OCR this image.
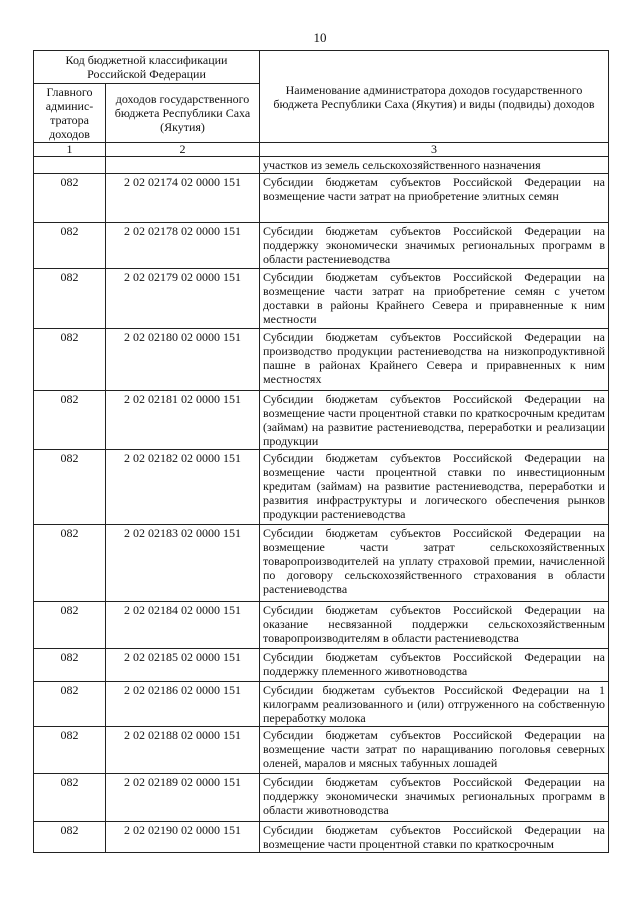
10
Код бюджетной классификации Российской Федерации		Наименование администратора доходов государственного бюджета Республики Саха (Якутия) и виды (подвиды) доходов
Главного админис-тратора доходов	доходов государственного бюджета Республики Саха (Якутия)	
1	2	3
		участков из земель сельскохозяйственного назначения
082	2 02 02174 02 0000 151	Субсидии бюджетам субъектов Российской Федерации на возмещение части затрат на приобретение элитных семян
082	2 02 02178 02 0000 151	Субсидии бюджетам субъектов Российской Федерации на поддержку экономически значимых региональных программ в области растениеводства
082	2 02 02179 02 0000 151	Субсидии бюджетам субъектов Российской Федерации на возмещение части затрат на приобретение семян с учетом доставки в районы Крайнего Севера и приравненные к ним местности
082	2 02 02180 02 0000 151	Субсидии бюджетам субъектов Российской Федерации на производство продукции растениеводства на низкопродуктивной пашне в районах Крайнего Севера и приравненных к ним местностях
082	2 02 02181 02 0000 151	Субсидии бюджетам субъектов Российской Федерации на возмещение части процентной ставки по краткосрочным кредитам (займам) на развитие растениеводства, переработки и реализации продукции
082	2 02 02182 02 0000 151	Субсидии бюджетам субъектов Российской Федерации на возмещение части процентной ставки по инвестиционным кредитам (займам) на развитие растениеводства, переработки и развития инфраструктуры и логического обеспечения рынков продукции растениеводства
082	2 02 02183 02 0000 151	Субсидии бюджетам субъектов Российской Федерации на возмещение части затрат сельскохозяйственных товаропроизводителей на уплату страховой премии, начисленной по договору сельскохозяйственного страхования в области растениеводства
082	2 02 02184 02 0000 151	Субсидии бюджетам субъектов Российской Федерации на оказание несвязанной поддержки сельскохозяйственным товаропроизводителям в области растениеводства
082	2 02 02185 02 0000 151	Субсидии бюджетам субъектов Российской Федерации на поддержку племенного животноводства
082	2 02 02186 02 0000 151	Субсидии бюджетам субъектов Российской Федерации на 1 килограмм реализованного и (или) отгруженного на собственную переработку молока
082	2 02 02188 02 0000 151	Субсидии бюджетам субъектов Российской Федерации на возмещение части затрат по наращиванию поголовья северных оленей, маралов и мясных табунных лошадей
082	2 02 02189 02 0000 151	Субсидии бюджетам субъектов Российской Федерации на поддержку экономически значимых региональных программ в области животноводства
082	2 02 02190 02 0000 151	Субсидии бюджетам субъектов Российской Федерации на возмещение части процентной ставки по краткосрочным
